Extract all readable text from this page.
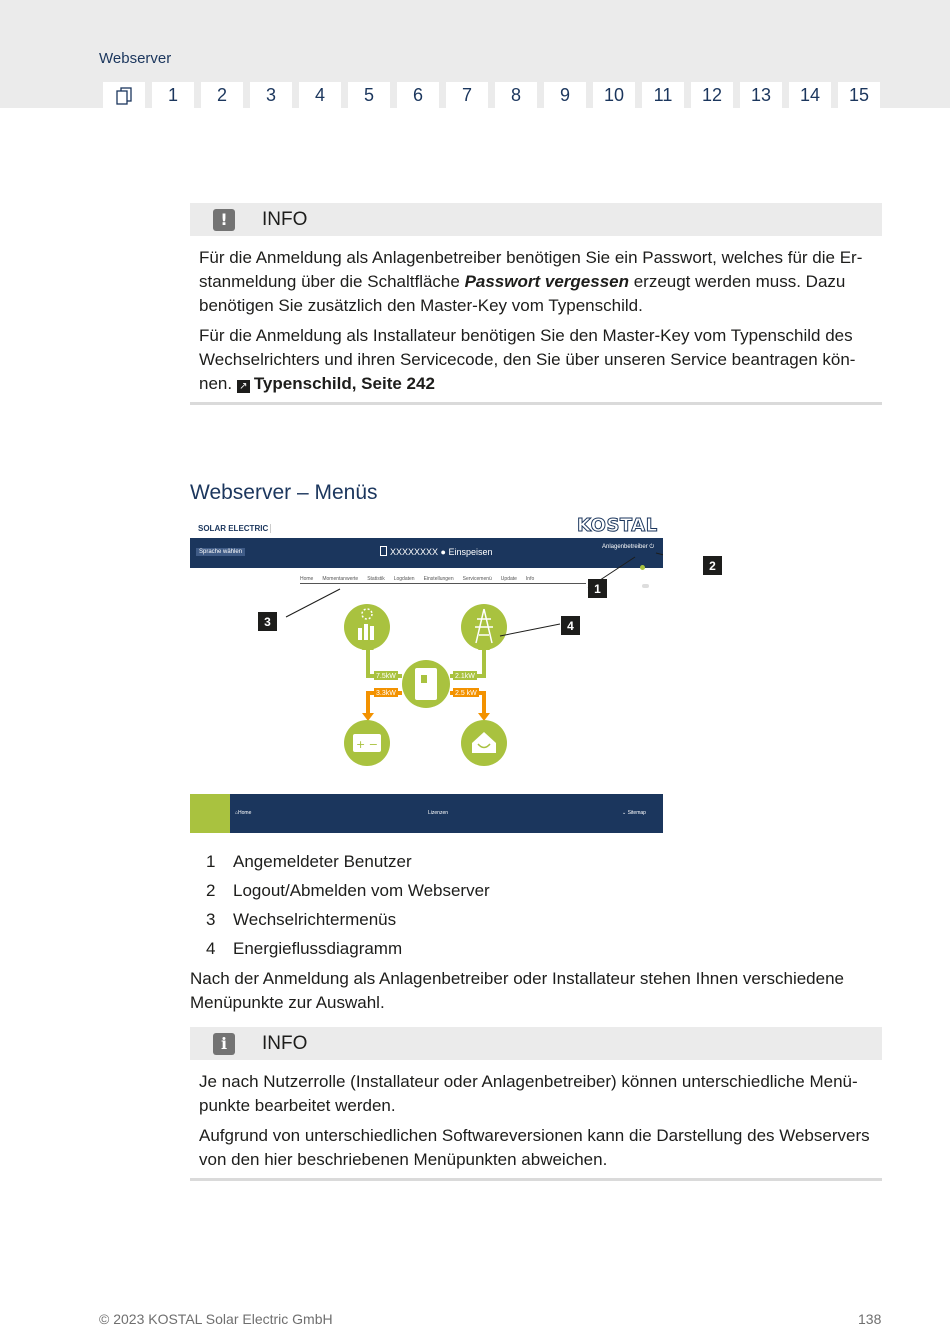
Webserver
1	2	3	4	5	6	7	8	9	10	11	12	13	14	15
!	INFO

Für die Anmeldung als Anlagenbetreiber benötigen Sie ein Passwort, welches für die Erstanmeldung über die Schaltfläche Passwort vergessen erzeugt werden muss. Dazu benötigen Sie zusätzlich den Master-Key vom Typenschild.

Für die Anmeldung als Installateur benötigen Sie den Master-Key vom Typenschild des Wechselrichters und ihren Servicecode, den Sie über unseren Service beantragen können. ↗ Typenschild, Seite 242

Webserver – Menüs
SOLAR ELECTRIC	KOSTAL
Sprache wählen	XXXXXXXX ● Einspeisen	Anlagenbetreiber ⏻

Home Momentanwerte Statistik Logdaten Einstellungen Servicemenü Update Info
7.5kW	2.1kW
3.3kW	2.5 kW
+ −
⌂Home	Lizenzen	⌄ Sitemap
1
2
3	4
1	Angemeldeter Benutzer
2	Logout/Abmelden vom Webserver
3	Wechselrichtermenüs
4	Energieflussdiagramm
Nach der Anmeldung als Anlagenbetreiber oder Installateur stehen Ihnen verschiedene Menüpunkte zur Auswahl.
i	INFO

Je nach Nutzerrolle (Installateur oder Anlagenbetreiber) können unterschiedliche Menüpunkte bearbeitet werden.

Aufgrund von unterschiedlichen Softwareversionen kann die Darstellung des Webservers von den hier beschriebenen Menüpunkten abweichen.

© 2023 KOSTAL Solar Electric GmbH	138
